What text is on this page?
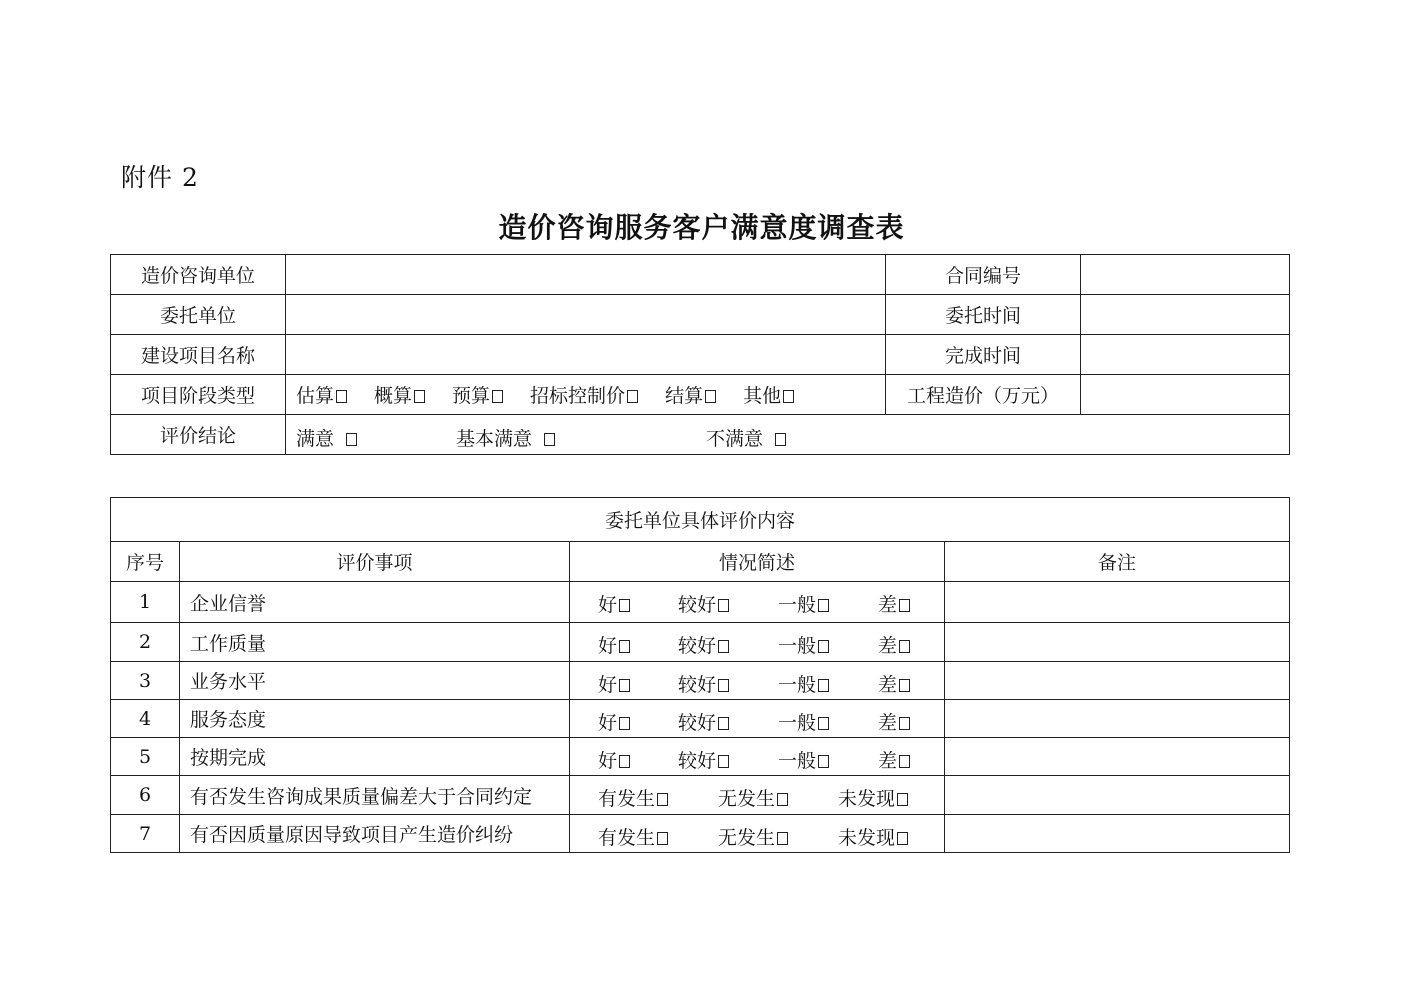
附件 2
造价咨询服务客户满意度调查表
造价咨询单位		合同编号	
委托单位		委托时间	
建设项目名称		完成时间	
项目阶段类型	估算 概算 预算 招标控制价 结算 其他	工程造价（万元）	
评价结论	满意 基本满意 不满意		
委托单位具体评价内容			
序号	评价事项	情况简述	备注
1	企业信誉	好 较好 一般 差	

2	工作质量	好 较好 一般 差	

3	业务水平	好 较好 一般 差	

4	服务态度	好 较好 一般 差	

5	按期完成	好 较好 一般 差	

6	有否发生咨询成果质量偏差大于合同约定	有发生 无发生 未发现	

7	有否因质量原因导致项目产生造价纠纷	有发生 无发生 未发现	
